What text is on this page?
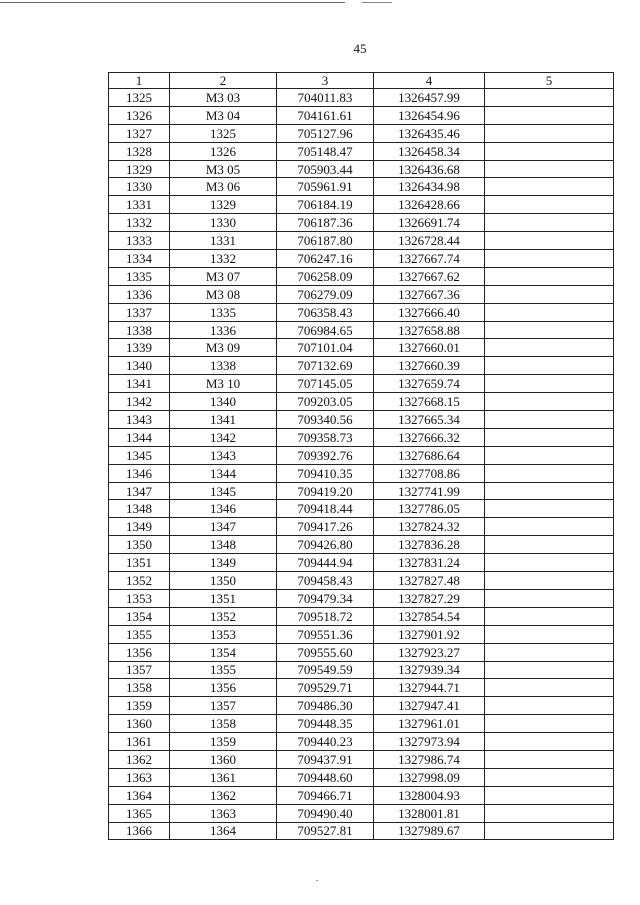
45
1	2	3	4	5
1325	М3 03	704011.83	1326457.99	
1326	М3 04	704161.61	1326454.96	
1327	1325	705127.96	1326435.46	
1328	1326	705148.47	1326458.34	
1329	М3 05	705903.44	1326436.68	
1330	М3 06	705961.91	1326434.98	
1331	1329	706184.19	1326428.66	
1332	1330	706187.36	1326691.74	
1333	1331	706187.80	1326728.44	
1334	1332	706247.16	1327667.74	
1335	М3 07	706258.09	1327667.62	
1336	М3 08	706279.09	1327667.36	
1337	1335	706358.43	1327666.40	
1338	1336	706984.65	1327658.88	
1339	М3 09	707101.04	1327660.01	
1340	1338	707132.69	1327660.39	
1341	М3 10	707145.05	1327659.74	
1342	1340	709203.05	1327668.15	
1343	1341	709340.56	1327665.34	
1344	1342	709358.73	1327666.32	
1345	1343	709392.76	1327686.64	
1346	1344	709410.35	1327708.86	
1347	1345	709419.20	1327741.99	
1348	1346	709418.44	1327786.05	
1349	1347	709417.26	1327824.32	
1350	1348	709426.80	1327836.28	
1351	1349	709444.94	1327831.24	
1352	1350	709458.43	1327827.48	
1353	1351	709479.34	1327827.29	
1354	1352	709518.72	1327854.54	
1355	1353	709551.36	1327901.92	
1356	1354	709555.60	1327923.27	
1357	1355	709549.59	1327939.34	
1358	1356	709529.71	1327944.71	
1359	1357	709486.30	1327947.41	
1360	1358	709448.35	1327961.01	
1361	1359	709440.23	1327973.94	
1362	1360	709437.91	1327986.74	
1363	1361	709448.60	1327998.09	
1364	1362	709466.71	1328004.93	
1365	1363	709490.40	1328001.81	
1366	1364	709527.81	1327989.67	
